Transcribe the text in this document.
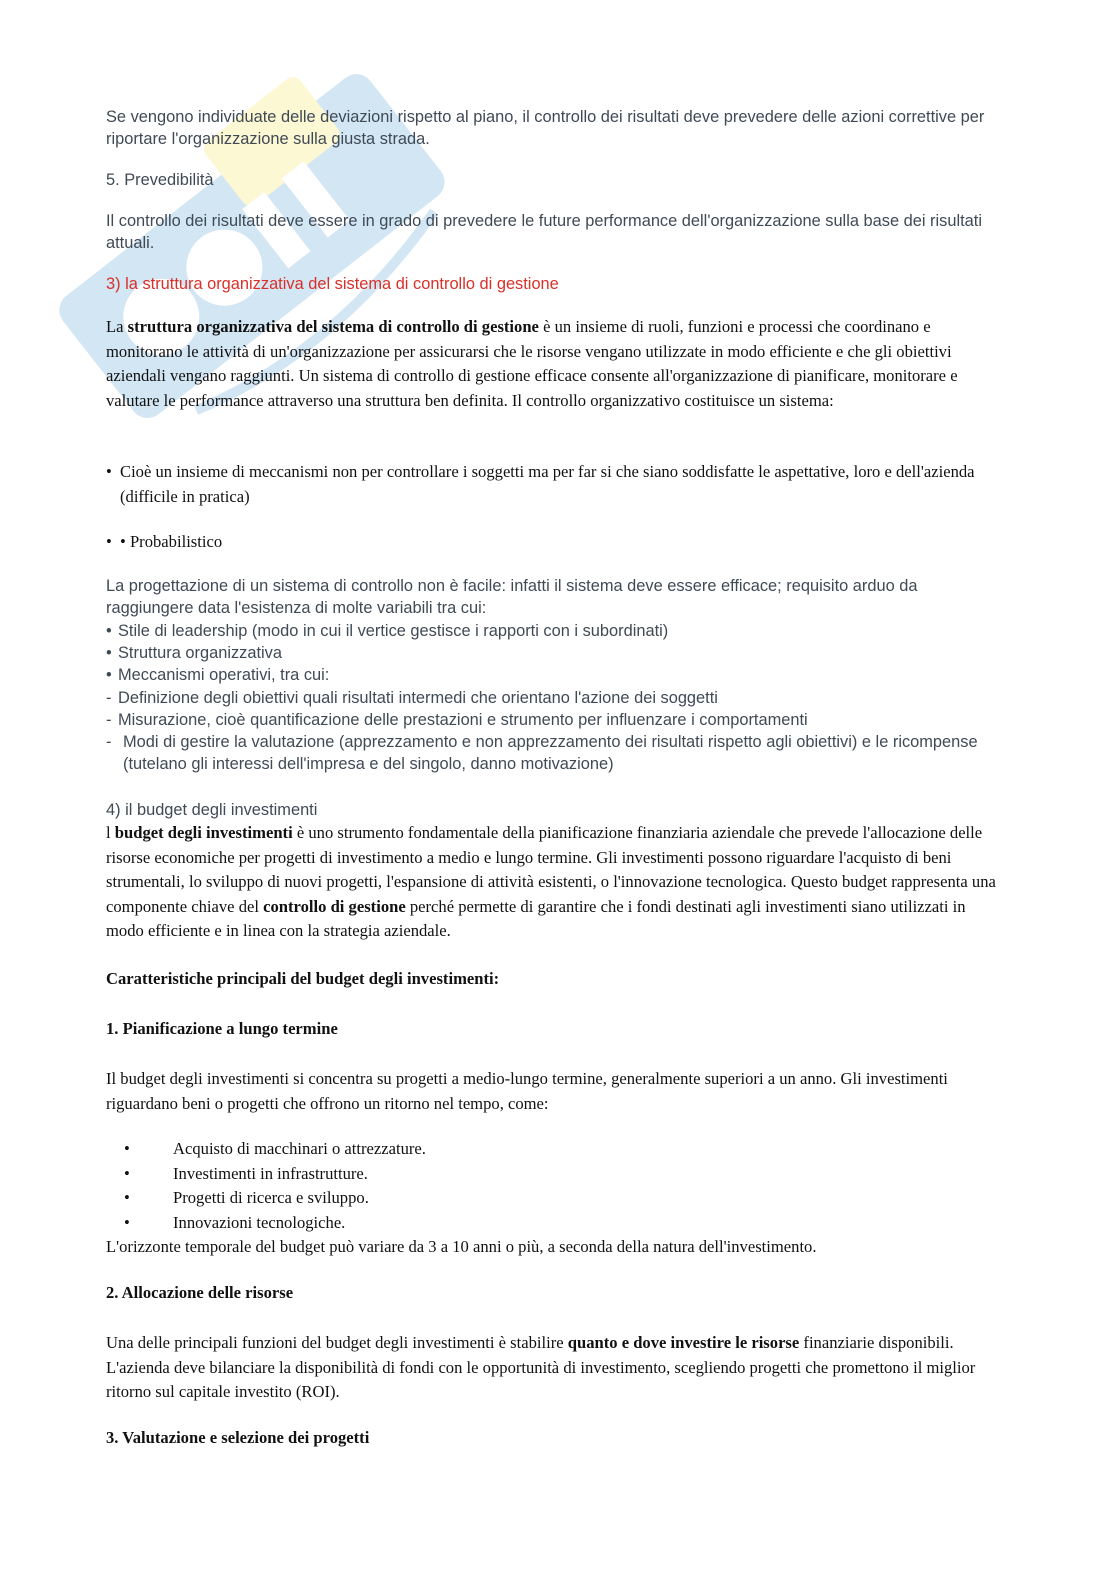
Se vengono individuate delle deviazioni rispetto al piano, il controllo dei risultati deve prevedere delle azioni correttive per riportare l'organizzazione sulla giusta strada.

5. Prevedibilità

Il controllo dei risultati deve essere in grado di prevedere le future performance dell'organizzazione sulla base dei risultati attuali.

3) la struttura organizzativa del sistema di controllo di gestione

La struttura organizzativa del sistema di controllo di gestione è un insieme di ruoli, funzioni e processi che coordinano e monitorano le attività di un'organizzazione per assicurarsi che le risorse vengano utilizzate in modo efficiente e che gli obiettivi aziendali vengano raggiunti. Un sistema di controllo di gestione efficace consente all'organizzazione di pianificare, monitorare e valutare le performance attraverso una struttura ben definita. Il controllo organizzativo costituisce un sistema:

• Cioè un insieme di meccanismi non per controllare i soggetti ma per far si che siano soddisfatte le aspettative, loro e dell'azienda (difficile in pratica)
• • Probabilistico

La progettazione di un sistema di controllo non è facile: infatti il sistema deve essere efficace; requisito arduo da raggiungere data l'esistenza di molte variabili tra cui:

• Stile di leadership (modo in cui il vertice gestisce i rapporti con i subordinati)
• Struttura organizzativa
• Meccanismi operativi, tra cui:
- Definizione degli obiettivi quali risultati intermedi che orientano l'azione dei soggetti
- Misurazione, cioè quantificazione delle prestazioni e strumento per influenzare i comportamenti
- Modi di gestire la valutazione (apprezzamento e non apprezzamento dei risultati rispetto agli obiettivi) e le ricompense (tutelano gli interessi dell'impresa e del singolo, danno motivazione)

4) il budget degli investimenti

l budget degli investimenti è uno strumento fondamentale della pianificazione finanziaria aziendale che prevede l'allocazione delle risorse economiche per progetti di investimento a medio e lungo termine. Gli investimenti possono riguardare l'acquisto di beni strumentali, lo sviluppo di nuovi progetti, l'espansione di attività esistenti, o l'innovazione tecnologica. Questo budget rappresenta una componente chiave del controllo di gestione perché permette di garantire che i fondi destinati agli investimenti siano utilizzati in modo efficiente e in linea con la strategia aziendale.

Caratteristiche principali del budget degli investimenti:

1. Pianificazione a lungo termine

Il budget degli investimenti si concentra su progetti a medio-lungo termine, generalmente superiori a un anno. Gli investimenti riguardano beni o progetti che offrono un ritorno nel tempo, come:

•	Acquisto di macchinari o attrezzature.
•	Investimenti in infrastrutture.
•	Progetti di ricerca e sviluppo.
•	Innovazioni tecnologiche.

L'orizzonte temporale del budget può variare da 3 a 10 anni o più, a seconda della natura dell'investimento.

2. Allocazione delle risorse

Una delle principali funzioni del budget degli investimenti è stabilire quanto e dove investire le risorse finanziarie disponibili. L'azienda deve bilanciare la disponibilità di fondi con le opportunità di investimento, scegliendo progetti che promettono il miglior ritorno sul capitale investito (ROI).

3. Valutazione e selezione dei progetti
